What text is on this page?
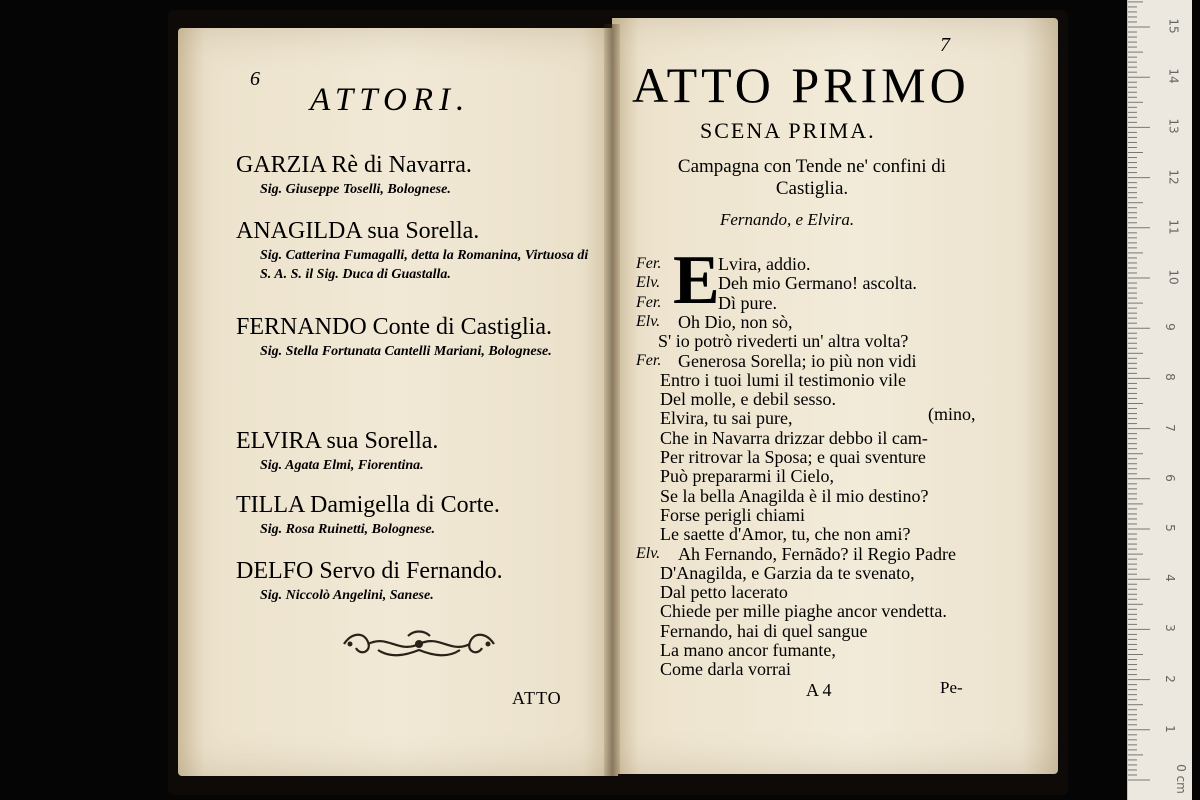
6
ATTORI.
GARZIA Rè di Navarra.
Sig. Giuseppe Toselli, Bolognese.
ANAGILDA sua Sorella.
Sig. Catterina Fumagalli, detta la Romanina, Virtuosa di S. A. S. il Sig. Duca di Guastalla.
FERNANDO Conte di Castiglia.
Sig. Stella Fortunata Cantelli Mariani, Bolognese.
ELVIRA sua Sorella.
Sig. Agata Elmi, Fiorentina.
TILLA Damigella di Corte.
Sig. Rosa Ruinetti, Bolognese.
DELFO Servo di Fernando.
Sig. Niccolò Angelini, Sanese.
ATTO
7
ATTO PRIMO
SCENA PRIMA.
Campagna con Tende ne' confini di Castiglia.
Fernando, e Elvira.
E
Fer.	Lvira, addio.
Elv.	Deh mio Germano! ascolta.
Fer.	Dì pure.
Elv. Oh Dio, non sò,
S' io potrò rivederti un' altra volta?
Fer. Generosa Sorella; io più non vidi
Entro i tuoi lumi il testimonio vile
Del molle, e debil sesso.
Elvira, tu sai pure,
Che in Navarra drizzar debbo il cam-
Per ritrovar la Sposa; e quai sventure
Può prepararmi il Cielo,
Se la bella Anagilda è il mio destino?
Forse perigli chiami
Le saette d'Amor, tu, che non ami?
Elv. Ah Fernando, Fernãdo? il Regio Padre
D'Anagilda, e Garzia da te svenato,
Dal petto lacerato
Chiede per mille piaghe ancor vendetta.
Fernando, hai di quel sangue
La mano ancor fumante,
Come darla vorrai
(mino,
A 4	Pe-
15
14
13
12
11
10
9
8
7
6
5
4
3
2
1
0 cm
